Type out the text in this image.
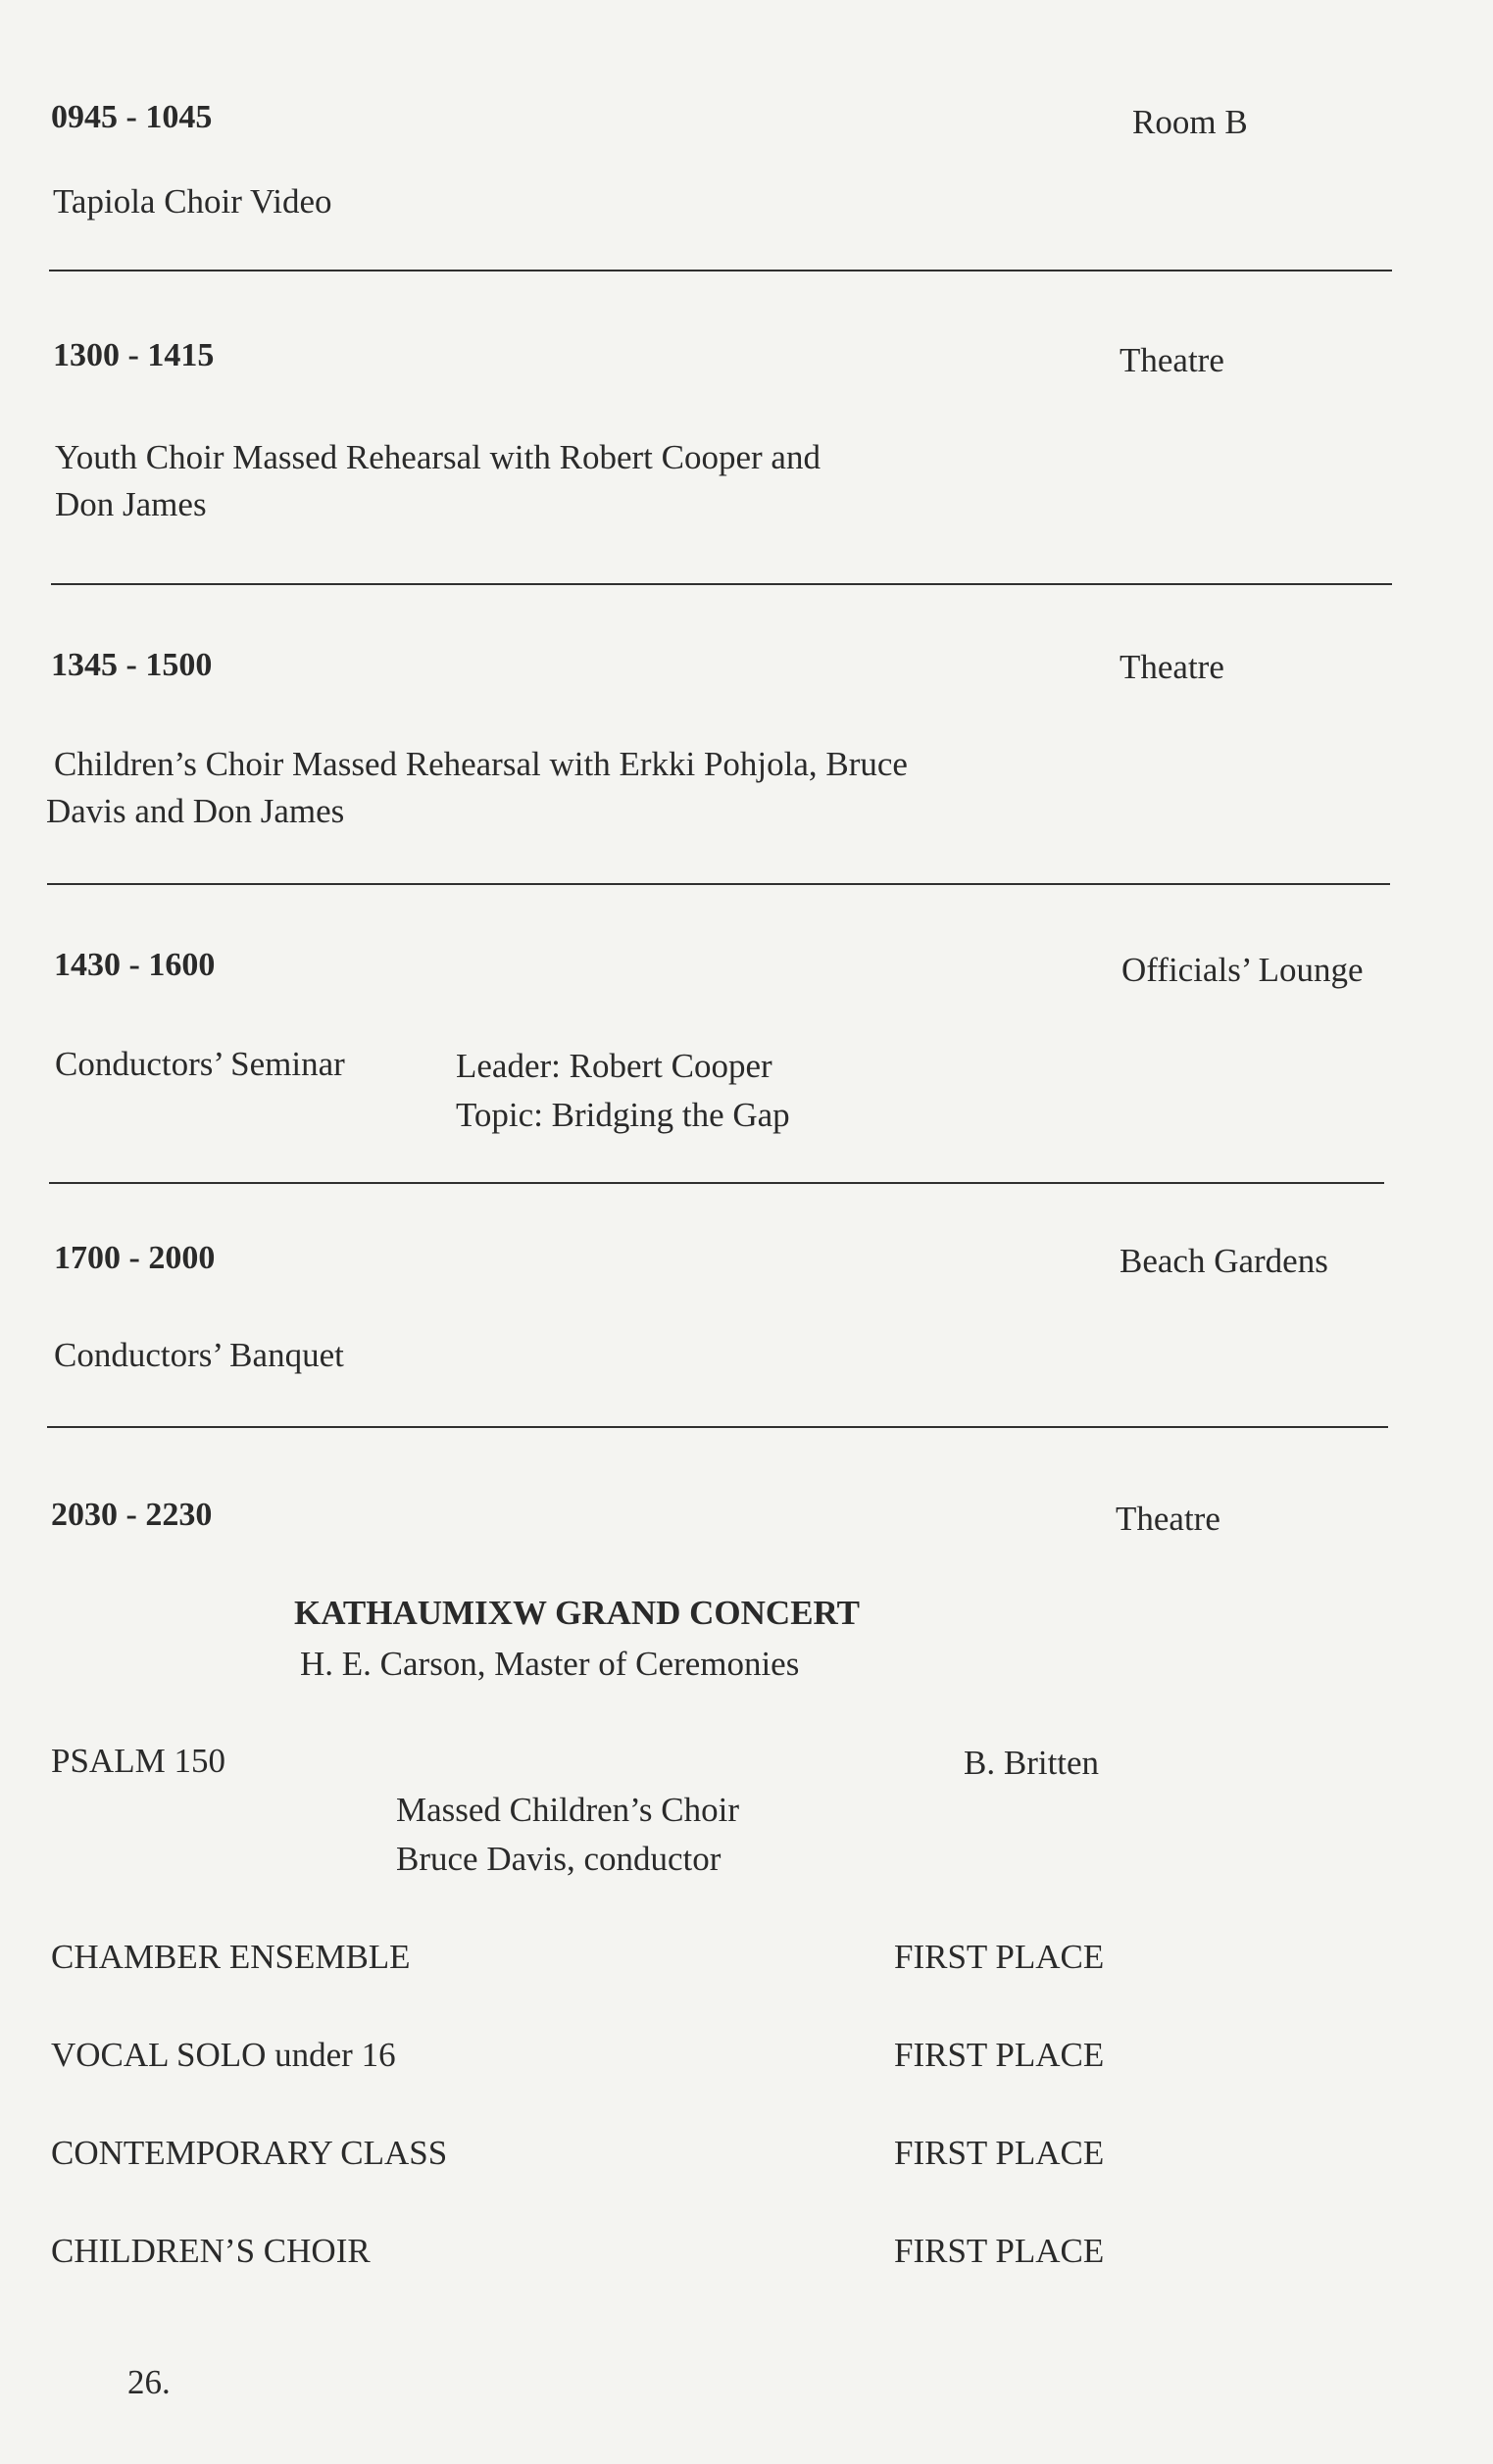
0945 - 1045	Room B
Tapiola Choir Video
1300 - 1415	Theatre
Youth Choir Massed Rehearsal with Robert Cooper and
Don James
1345 - 1500	Theatre
Children’s Choir Massed Rehearsal with Erkki Pohjola, Bruce
Davis and Don James
1430 - 1600	Officials’ Lounge
Conductors’ Seminar	Leader: Robert Cooper
Topic: Bridging the Gap
1700 - 2000	Beach Gardens
Conductors’ Banquet
2030 - 2230	Theatre
KATHAUMIXW GRAND CONCERT
H. E. Carson, Master of Ceremonies
PSALM 150	B. Britten
Massed Children’s Choir
Bruce Davis, conductor
CHAMBER ENSEMBLE	FIRST PLACE
VOCAL SOLO under 16	FIRST PLACE
CONTEMPORARY CLASS	FIRST PLACE
CHILDREN’S CHOIR	FIRST PLACE
26.
